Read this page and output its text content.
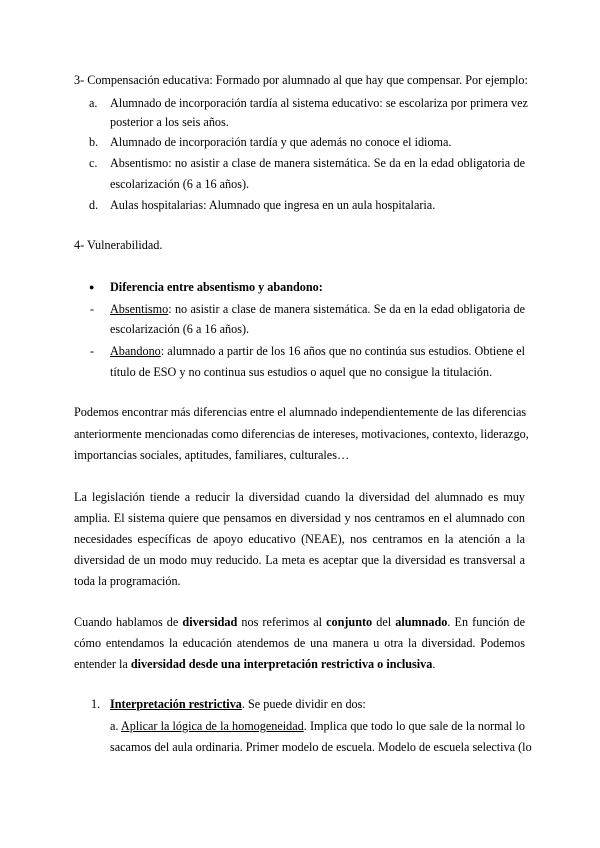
3- Compensación educativa: Formado por alumnado al que hay que compensar. Por ejemplo:
a. Alumnado de incorporación tardía al sistema educativo: se escolariza por primera vez
posterior a los seis años.
b. Alumnado de incorporación tardía y que además no conoce el idioma.
c. Absentismo: no asistir a clase de manera sistemática. Se da en la edad obligatoria de
escolarización (6 a 16 años).
d. Aulas hospitalarias: Alumnado que ingresa en un aula hospitalaria.
4- Vulnerabilidad.
● Diferencia entre absentismo y abandono:
- Absentismo: no asistir a clase de manera sistemática. Se da en la edad obligatoria de
escolarización (6 a 16 años).
- Abandono: alumnado a partir de los 16 años que no continúa sus estudios. Obtiene el
título de ESO y no continua sus estudios o aquel que no consigue la titulación.
Podemos encontrar más diferencias entre el alumnado independientemente de las diferencias
anteriormente mencionadas como diferencias de intereses, motivaciones, contexto, liderazgo,
importancias sociales, aptitudes, familiares, culturales…
La legislación tiende a reducir la diversidad cuando la diversidad del alumnado es muy
amplia. El sistema quiere que pensamos en diversidad y nos centramos en el alumnado con
necesidades específicas de apoyo educativo (NEAE), nos centramos en la atención a la
diversidad de un modo muy reducido. La meta es aceptar que la diversidad es transversal a
toda la programación.
Cuando hablamos de diversidad nos referimos al conjunto del alumnado. En función de
cómo entendamos la educación atendemos de una manera u otra la diversidad. Podemos
entender la diversidad desde una interpretación restrictiva o inclusiva.
1. Interpretación restrictiva. Se puede dividir en dos:
a. Aplicar la lógica de la homogeneidad. Implica que todo lo que sale de la normal lo
sacamos del aula ordinaria. Primer modelo de escuela. Modelo de escuela selectiva (lo
